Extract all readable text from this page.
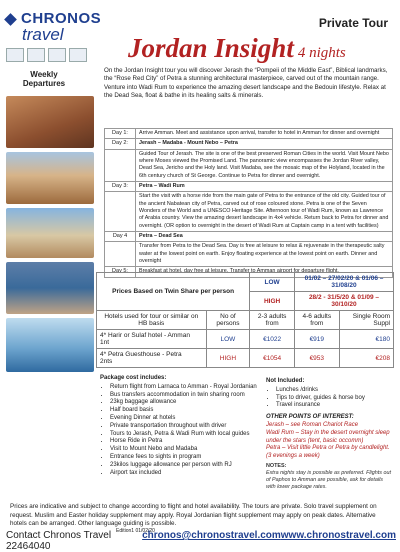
CHRONOS
travel
Private Tour
Jordan Insight 4 nights
Weekly Departures
On the Jordan Insight tour you will discover Jerash the “Pompeii of the Middle East”, Biblical landmarks, the “Rose Red City” of Petra a stunning architectural masterpiece, carved out of the mountain range. Venture into Wadi Rum to experience the amazing desert landscape and the Bedouin lifestyle. Relax at the Dead Sea, float & bathe in its healing salts & minerals.
Day 1:	Arrive Amman. Meet and assistance upon arrival, transfer to hotel in Amman for dinner and overnight
Day 2:	Jerash – Madaba - Mount Nebo – Petra
	Guided Tour of Jerash. The site is one of the best preserved Roman Cities in the world. Visit Mount Nebo where Moses viewed the Promised Land. The panoramic view encompasses the Jordan River valley, Dead Sea, Jericho and the Holy land. Visit Madaba, see the mosaic map of the Holyland, located in the 6th century church of St George. Continue to Petra for dinner and overnight.
Day 3:	Petra – Wadi Rum
	Start the visit with a horse ride from the main gate of Petra to the entrance of the old city. Guided tour of the ancient Nabatean city of Petra, carved out of rose coloured stone. Petra is one of the Seven Wonders of the World and a UNESCO Heritage Site. Afternoon tour of Wadi Rum, known as Lawrence of Arabia country. View the amazing desert landscape in 4x4 vehicle. Return back to Petra for dinner and overnight. (OR option to overnight in the desert of Wadi Rum at Captain camp in a tent with facilities)
Day 4	Petra – Dead Sea
	Transfer from Petra to the Dead Sea. Day is free at leisure to relax & rejuvenate in the therapeutic salty water at the lowest point on earth. Enjoy floating experience at the lowest point on earth. Dinner and overnight
Day 5:	Breakfast at hotel, day free at leisure. Transfer to Amman airport for departure flight.
Prices Based on Twin Share per person		LOW	01/02 – 27/02/20 & 01/06 – 31/08/20	
		HIGH	28/2 - 31/5/20 & 01/09 – 30/10/20	
Hotels used for tour or similar on HB basis	No of persons	2-3 adults from	4-6 adults from	Single Room Suppl
4* Harir or Sulaf hotel - Amman
1nt	LOW	€1022	€919	€180
4* Petra Guesthouse - Petra
2nts	HIGH	€1054	€953	€208
Package cost includes:
• Return flight from Larnaca to Amman - Royal Jordanian
• Bus transfers accommodation in twin sharing room
• 23kg baggage allowance
• Half board basis
• Evening Dinner at hotels
• Private transportation throughout with driver
• Tours to Jerash, Petra & Wadi Rum with local guides
• Horse Ride in Petra
• Visit to Mount Nebo and Madaba
• Entrance fees to sights in program
• 23kilos luggage allowance per person with RJ
• Airport tax included
Not Included:
• Lunches /drinks
• Tips to driver, guides & horse boy
• Travel insurance
OTHER POINTS OF INTEREST:
Jerash – see Roman Chariot Race
Wadi Rum – Stay in the desert overnight sleep under the stars (tent, basic occomm)
Petra – Visit little Petra or Petra by candlelight. (3 evenings a week)
NOTES:
Extra nights stay is possible as preferred. Flights out of Paphos to Amman are possible, ask for details with lower package rates.
Prices are indicative and subject to change according to flight and hotel availability. The tours are private. Solo travel supplement on request. Muslim and Easter holiday supplement may apply. Royal Jordanian flight supplement may apply on peak dates. Alternative hotels can be arranged. Other language guiding is possible.
Edition1 01/02/20
Contact Chronos Travel 22464040
chronos@chronostravel.com www.chronostravel.com
